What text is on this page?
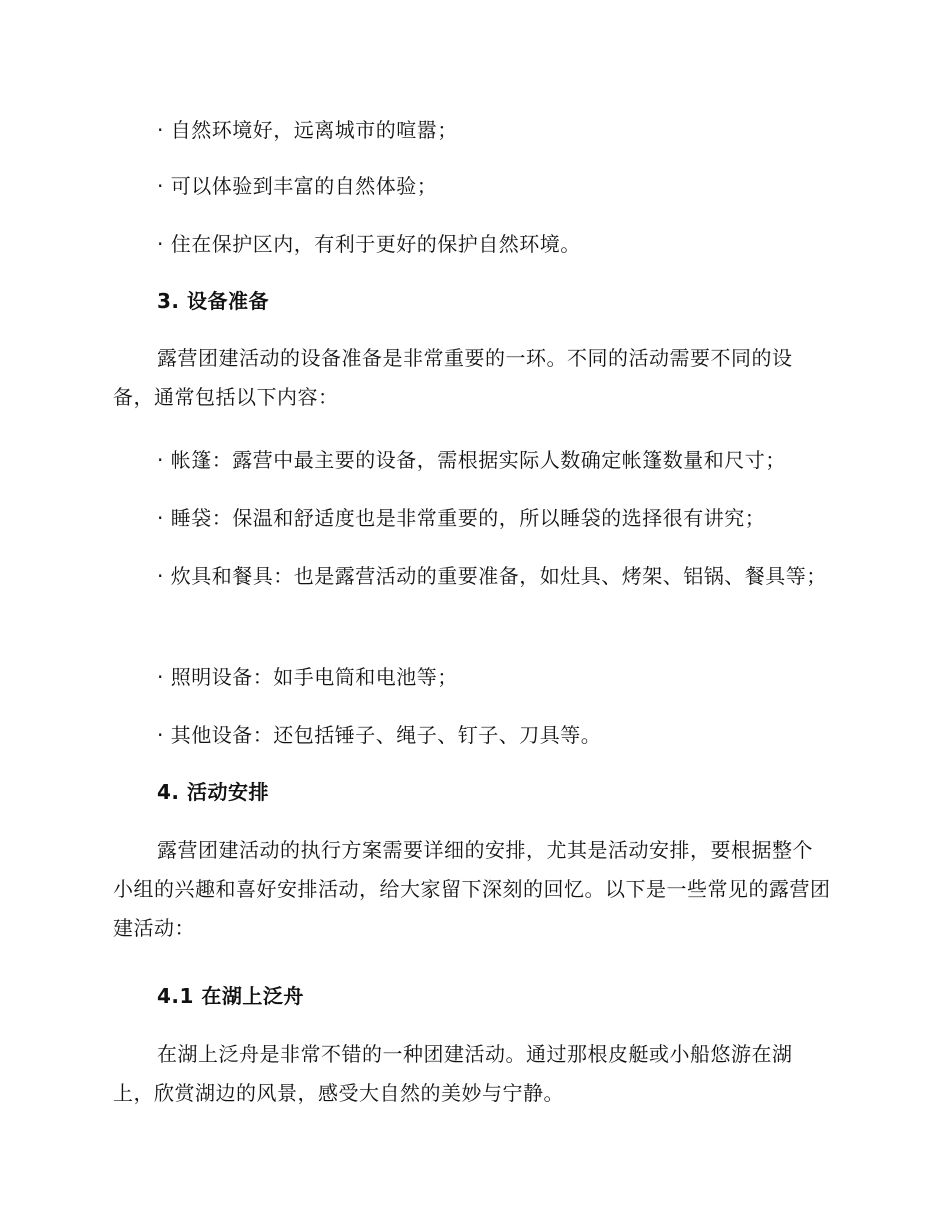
· 自然环境好，远离城市的喧嚣；

· 可以体验到丰富的自然体验；

· 住在保护区内，有利于更好的保护自然环境。

3. 设备准备

露营团建活动的设备准备是非常重要的一环。不同的活动需要不同的设备，通常包括以下内容：

· 帐篷：露营中最主要的设备，需根据实际人数确定帐篷数量和尺寸；

· 睡袋：保温和舒适度也是非常重要的，所以睡袋的选择很有讲究；

· 炊具和餐具：也是露营活动的重要准备，如灶具、烤架、铝锅、餐具等；

· 照明设备：如手电筒和电池等；

· 其他设备：还包括锤子、绳子、钉子、刀具等。

4. 活动安排

露营团建活动的执行方案需要详细的安排，尤其是活动安排，要根据整个小组的兴趣和喜好安排活动，给大家留下深刻的回忆。以下是一些常见的露营团建活动：

4.1 在湖上泛舟

在湖上泛舟是非常不错的一种团建活动。通过那根皮艇或小船悠游在湖上，欣赏湖边的风景，感受大自然的美妙与宁静。
